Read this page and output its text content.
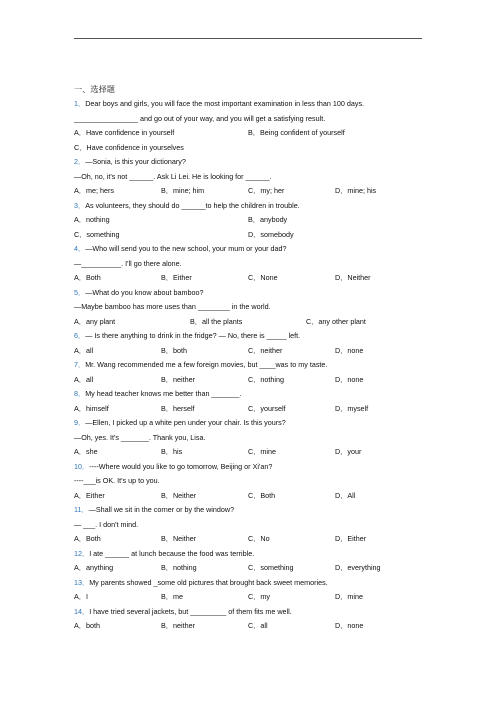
一、选择题
1．Dear boys and girls, you will face the most important examination in less than 100 days.
________________ and go out of your way, and you will get a satisfying result.
A．Have confidence in yourself	B．Being confident of yourself
C．Have confidence in yourselves
2．—Sonia, is this your dictionary?
—Oh, no, it's not ______. Ask Li Lei. He is looking for ______.
A．me; hers	B．mine; him	C．my; her	D．mine; his
3．As volunteers, they should do ______to help the children in trouble.
A．nothing	B．anybody
C．something	D．somebody
4．—Who will send you to the new school, your mum or your dad?
—__________. I'll go there alone.
A．Both	B．Either	C．None	D．Neither
5．—What do you know about bamboo?
—Maybe bamboo has more uses than ________ in the world.
A．any plant	B．all the plants	C．any other plant
6．— Is there anything to drink in the fridge? — No, there is _____ left.
A．all	B．both	C．neither	D．none
7．Mr. Wang recommended me a few foreign movies, but ____was to my taste.
A．all	B．neither	C．nothing	D．none
8．My head teacher knows me better than _______.
A．himself	B．herself	C．yourself	D．myself
9．—Ellen, I picked up a white pen under your chair. Is this yours?
—Oh, yes. It's _______. Thank you, Lisa.
A．she	B．his	C．mine	D．your
10．----Where would you like to go tomorrow, Beijing or Xi'an?
----___is OK. It's up to you.
A．Either	B．Neither	C．Both	D．All
11．—Shall we sit in the corner or by the window?
— ___. I don't mind.
A．Both	B．Neither	C．No	D．Either
12．I ate ______ at lunch because the food was terrible.
A．anything	B．nothing	C．something	D．everything
13．My parents showed _some old pictures that brought back sweet memories.
A．I	B．me	C．my	D．mine
14．I have tried several jackets, but _________ of them fits me well.
A．both	B．neither	C．all	D．none
